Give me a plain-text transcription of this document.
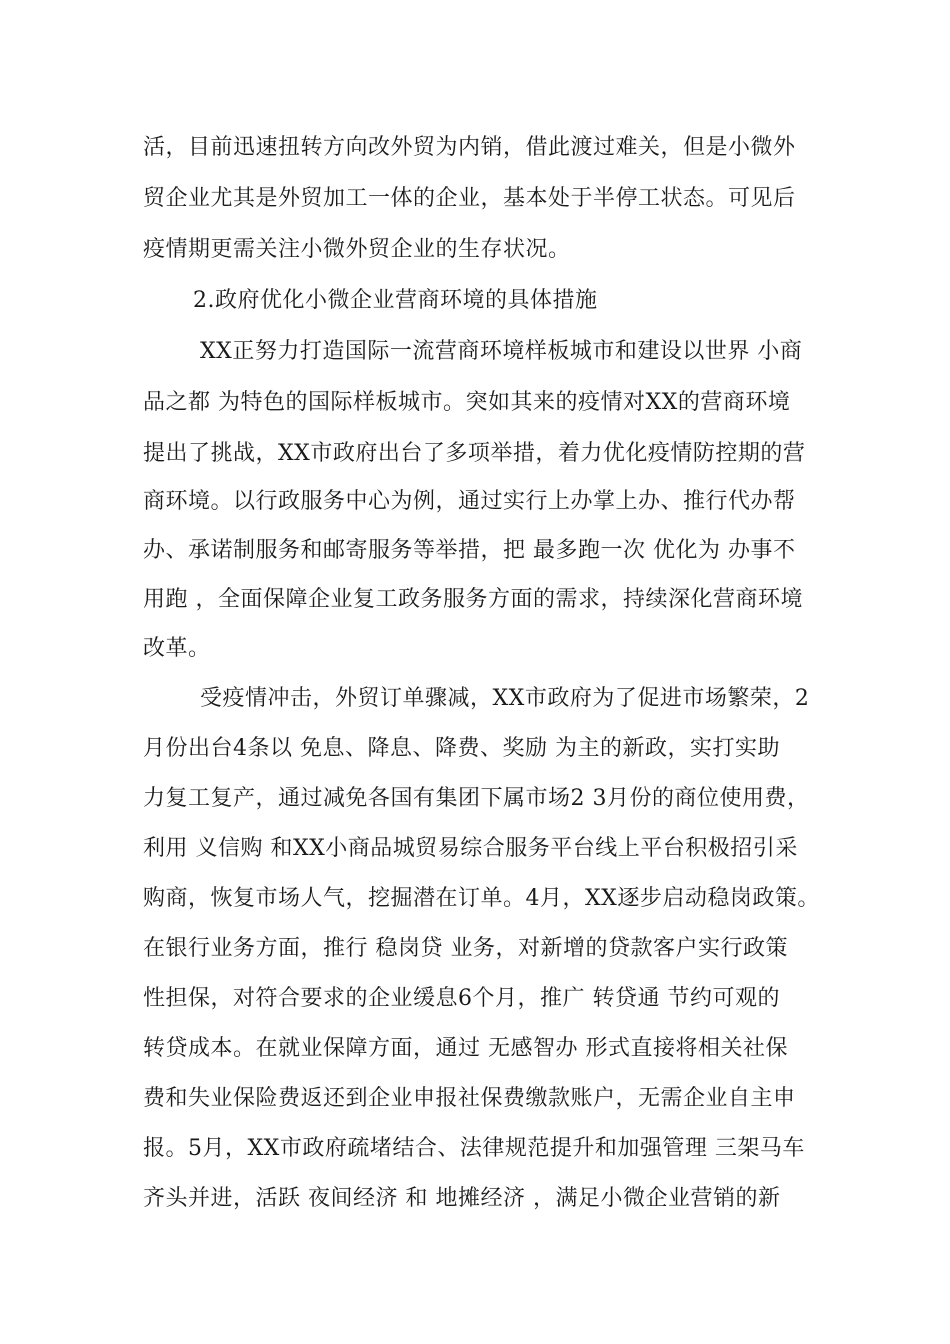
活，目前迅速扭转方向改外贸为内销，借此渡过难关，但是小微外
贸企业尤其是外贸加工一体的企业，基本处于半停工状态。可见后
疫情期更需关注小微外贸企业的生存状况。
2.政府优化小微企业营商环境的具体措施
XX正努力打造国际一流营商环境样板城市和建设以世界 小商
品之都 为特色的国际样板城市。突如其来的疫情对XX的营商环境
提出了挑战，XX市政府出台了多项举措，着力优化疫情防控期的营
商环境。以行政服务中心为例，通过实行上办掌上办、推行代办帮
办、承诺制服务和邮寄服务等举措，把 最多跑一次 优化为 办事不
用跑 ，全面保障企业复工政务服务方面的需求，持续深化营商环境
改革。
受疫情冲击，外贸订单骤减，XX市政府为了促进市场繁荣，2
月份出台4条以 免息、降息、降费、奖励 为主的新政，实打实助
力复工复产，通过减免各国有集团下属市场2 3月份的商位使用费，
利用 义信购 和XX小商品城贸易综合服务平台线上平台积极招引采
购商，恢复市场人气，挖掘潜在订单。4月，XX逐步启动稳岗政策。
在银行业务方面，推行 稳岗贷 业务，对新增的贷款客户实行政策
性担保，对符合要求的企业缓息6个月，推广 转贷通 节约可观的
转贷成本。在就业保障方面，通过 无感智办 形式直接将相关社保
费和失业保险费返还到企业申报社保费缴款账户，无需企业自主申
报。5月，XX市政府疏堵结合、法律规范提升和加强管理 三架马车
齐头并进，活跃 夜间经济 和 地摊经济 ，满足小微企业营销的新
